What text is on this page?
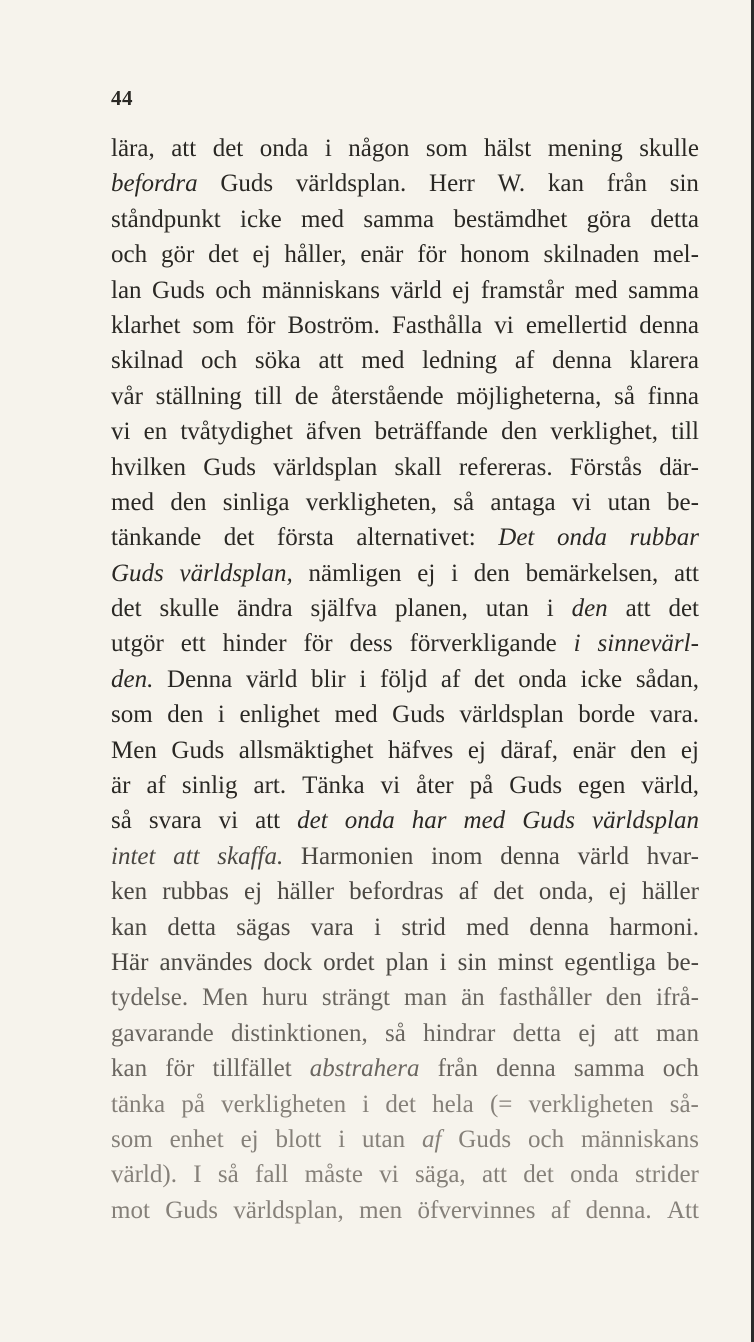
44
lära, att det onda i någon som hälst mening skulle
befordra Guds världsplan. Herr W. kan från sin
ståndpunkt icke med samma bestämdhet göra detta
och gör det ej håller, enär för honom skilnaden mel-
lan Guds och människans värld ej framstår med samma
klarhet som för Boström. Fasthålla vi emellertid denna
skilnad och söka att med ledning af denna klarera
vår ställning till de återstående möjligheterna, så finna
vi en tvåtydighet äfven beträffande den verklighet, till
hvilken Guds världsplan skall refereras. Förstås där-
med den sinliga verkligheten, så antaga vi utan be-
tänkande det första alternativet: Det onda rubbar
Guds världsplan, nämligen ej i den bemärkelsen, att
det skulle ändra själfva planen, utan i den att det
utgör ett hinder för dess förverkligande i sinnevärl-
den. Denna värld blir i följd af det onda icke sådan,
som den i enlighet med Guds världsplan borde vara.
Men Guds allsmäktighet häfves ej däraf, enär den ej
är af sinlig art. Tänka vi åter på Guds egen värld,
så svara vi att det onda har med Guds världsplan
intet att skaffa. Harmonien inom denna värld hvar-
ken rubbas ej häller befordras af det onda, ej häller
kan detta sägas vara i strid med denna harmoni.
Här användes dock ordet plan i sin minst egentliga be-
tydelse. Men huru strängt man än fasthåller den ifrå-
gavarande distinktionen, så hindrar detta ej att man
kan för tillfället abstrahera från denna samma och
tänka på verkligheten i det hela (= verkligheten så-
som enhet ej blott i utan af Guds och människans
värld). I så fall måste vi säga, att det onda strider
mot Guds världsplan, men öfvervinnes af denna. Att
